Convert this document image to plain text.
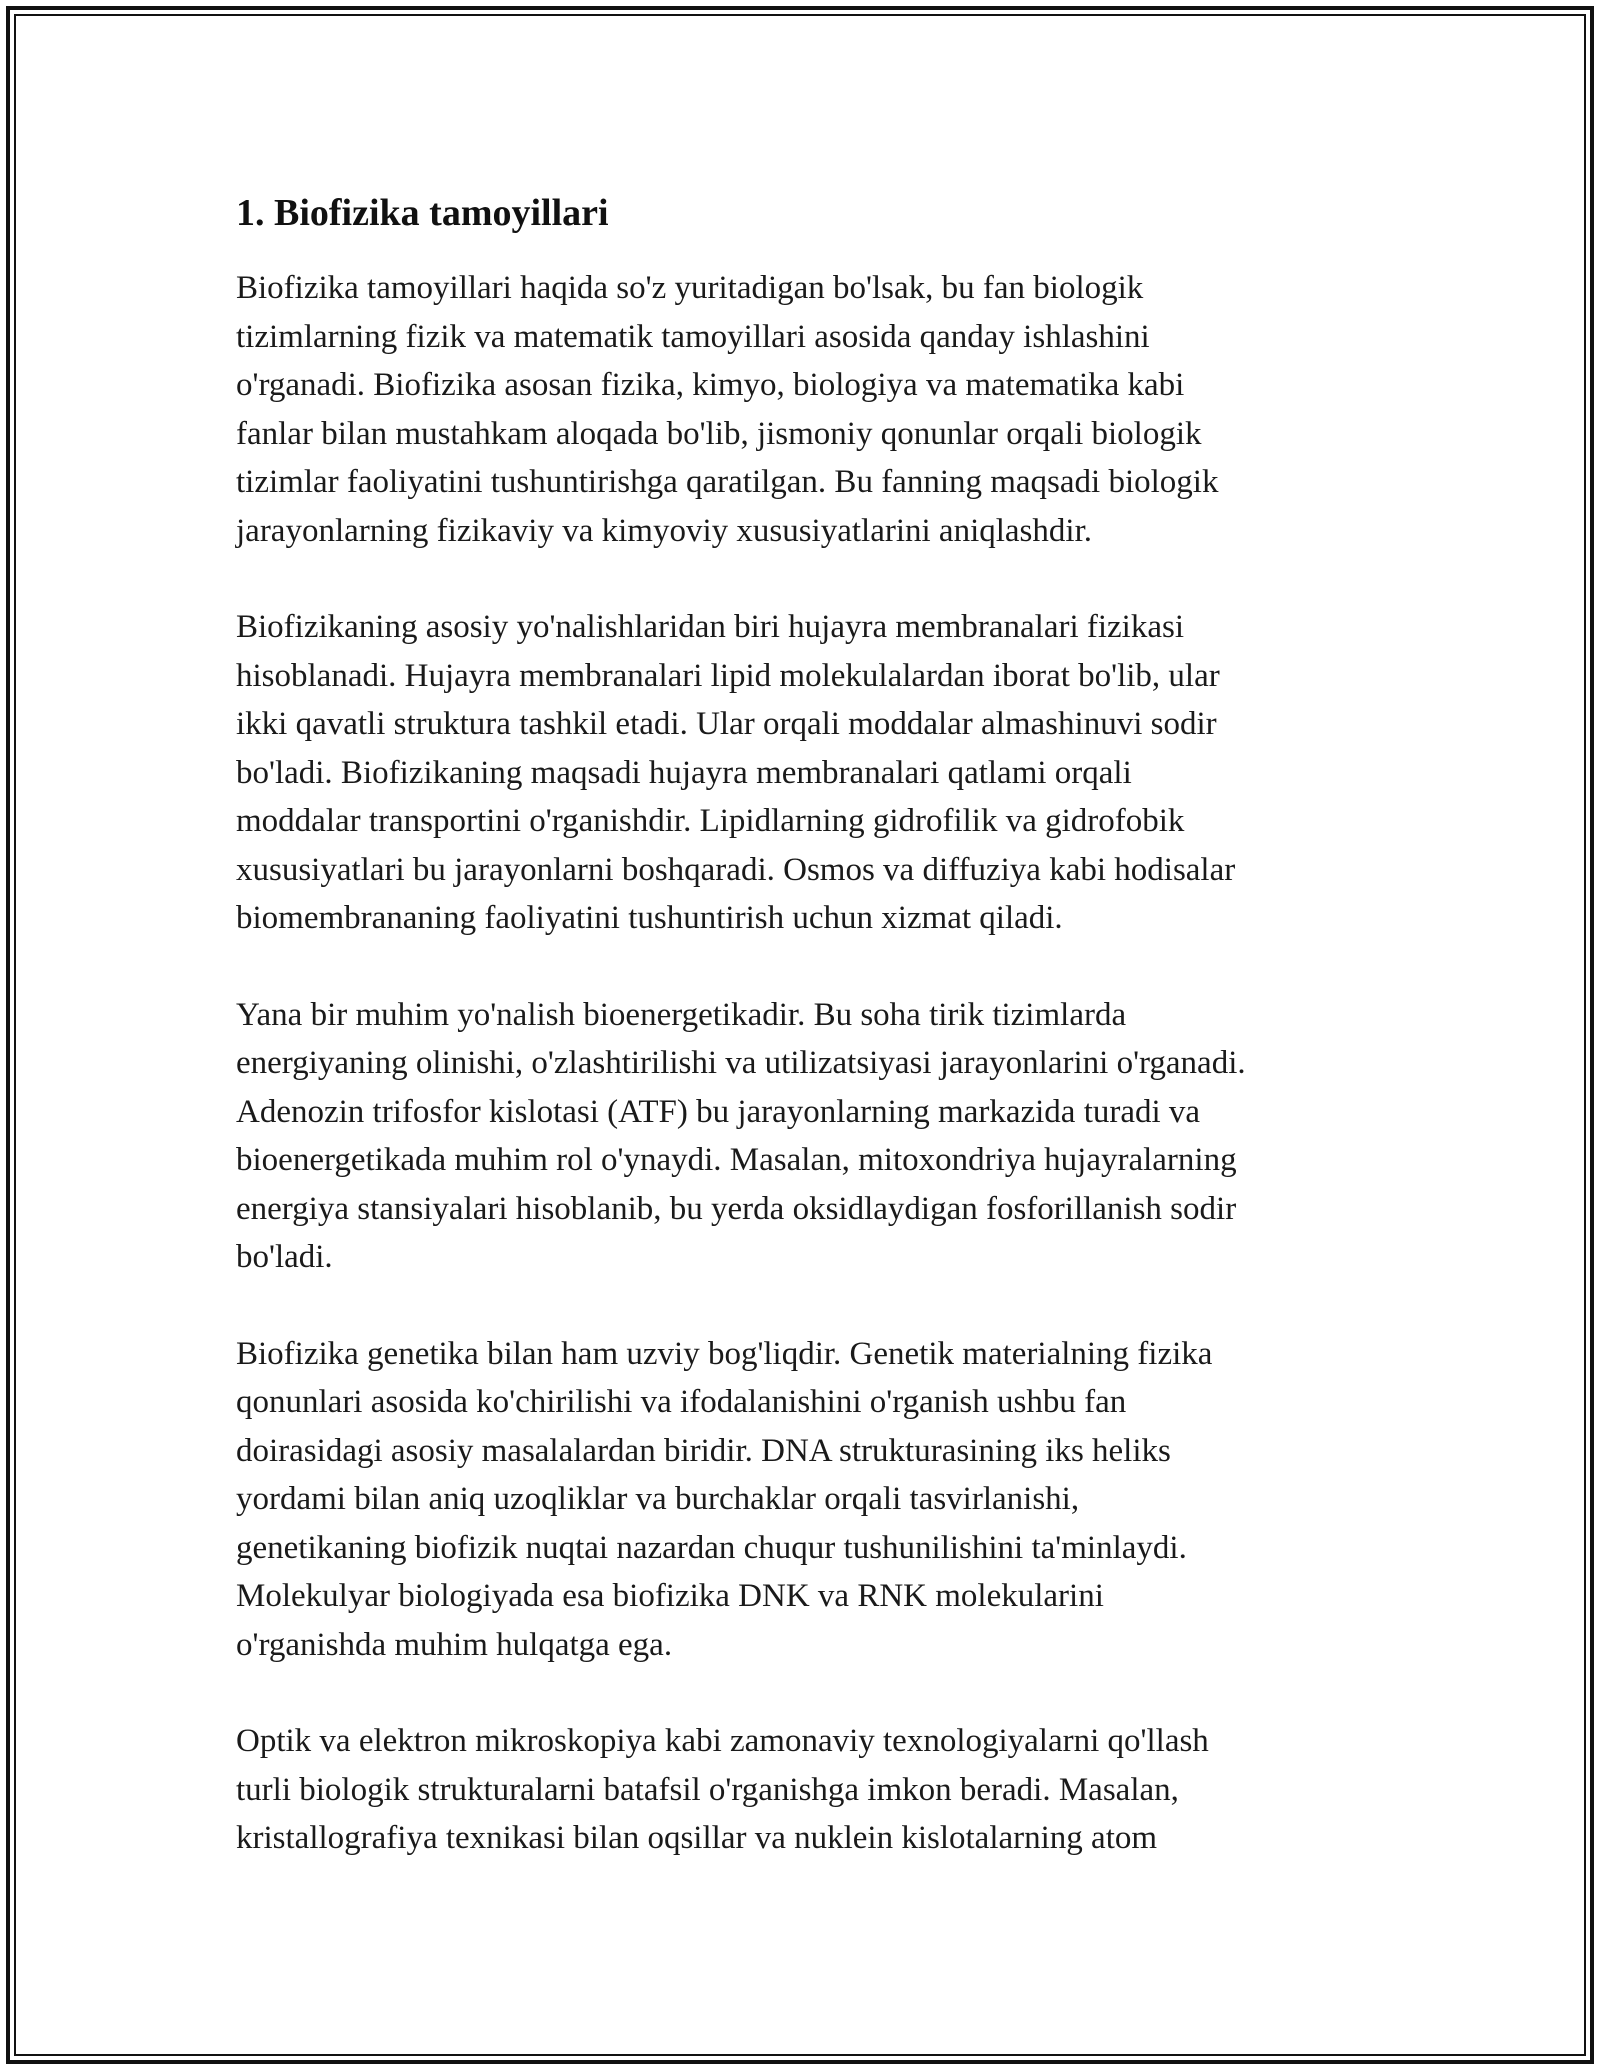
1. Biofizika tamoyillari

Biofizika tamoyillari haqida so'z yuritadigan bo'lsak, bu fan biologik
tizimlarning fizik va matematik tamoyillari asosida qanday ishlashini
o'rganadi. Biofizika asosan fizika, kimyo, biologiya va matematika kabi
fanlar bilan mustahkam aloqada bo'lib, jismoniy qonunlar orqali biologik
tizimlar faoliyatini tushuntirishga qaratilgan. Bu fanning maqsadi biologik
jarayonlarning fizikaviy va kimyoviy xususiyatlarini aniqlashdir.

Biofizikaning asosiy yo'nalishlaridan biri hujayra membranalari fizikasi
hisoblanadi. Hujayra membranalari lipid molekulalardan iborat bo'lib, ular
ikki qavatli struktura tashkil etadi. Ular orqali moddalar almashinuvi sodir
bo'ladi. Biofizikaning maqsadi hujayra membranalari qatlami orqali
moddalar transportini o'rganishdir. Lipidlarning gidrofilik va gidrofobik
xususiyatlari bu jarayonlarni boshqaradi. Osmos va diffuziya kabi hodisalar
biomembrananing faoliyatini tushuntirish uchun xizmat qiladi.

Yana bir muhim yo'nalish bioenergetikadir. Bu soha tirik tizimlarda
energiyaning olinishi, o'zlashtirilishi va utilizatsiyasi jarayonlarini o'rganadi.
Adenozin trifosfor kislotasi (ATF) bu jarayonlarning markazida turadi va
bioenergetikada muhim rol o'ynaydi. Masalan, mitoxondriya hujayralarning
energiya stansiyalari hisoblanib, bu yerda oksidlaydigan fosforillanish sodir
bo'ladi.

Biofizika genetika bilan ham uzviy bog'liqdir. Genetik materialning fizika
qonunlari asosida ko'chirilishi va ifodalanishini o'rganish ushbu fan
doirasidagi asosiy masalalardan biridir. DNA strukturasining iks heliks
yordami bilan aniq uzoqliklar va burchaklar orqali tasvirlanishi,
genetikaning biofizik nuqtai nazardan chuqur tushunilishini ta'minlaydi.
Molekulyar biologiyada esa biofizika DNK va RNK molekularini
o'rganishda muhim hulqatga ega.

Optik va elektron mikroskopiya kabi zamonaviy texnologiyalarni qo'llash
turli biologik strukturalarni batafsil o'rganishga imkon beradi. Masalan,
kristallografiya texnikasi bilan oqsillar va nuklein kislotalarning atom
